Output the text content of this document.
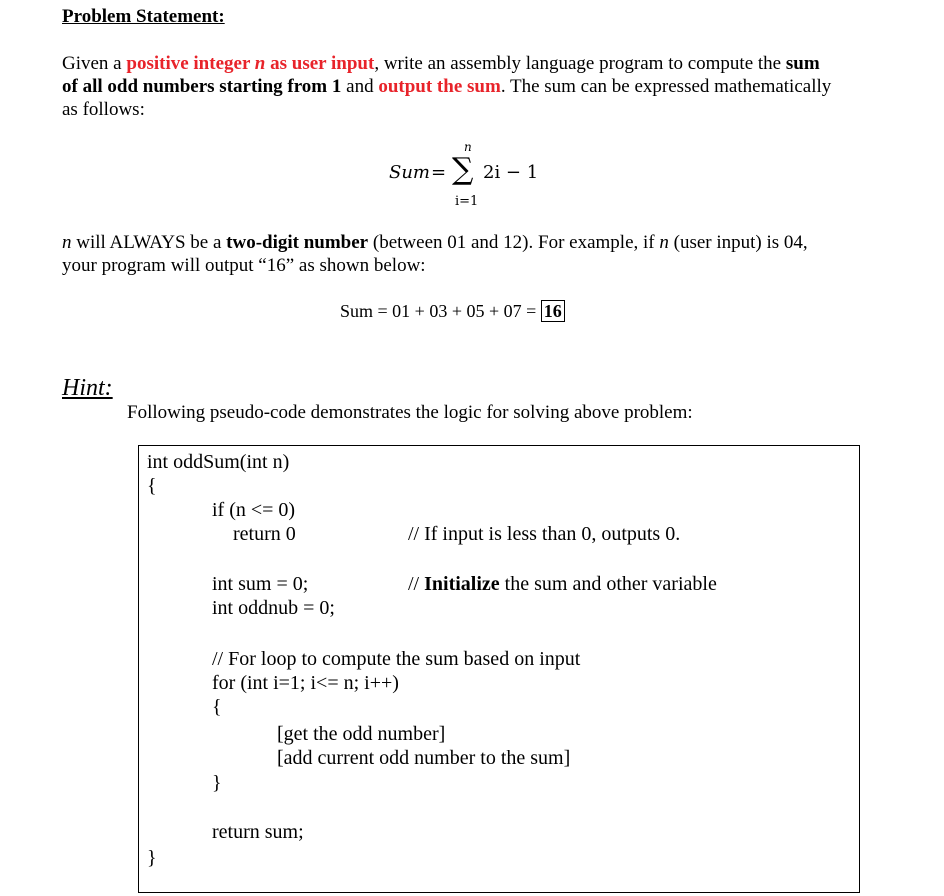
Problem Statement:
Given a positive integer n as user input, write an assembly language program to compute the sum
of all odd numbers starting from 1 and output the sum. The sum can be expressed mathematically
as follows:
Sum =
n
∑ 2i − 1
i=1
n will ALWAYS be a two-digit number (between 01 and 12). For example, if n (user input) is 04,
your program will output “16” as shown below:
Sum = 01 + 03 + 05 + 07 = 16
Hint:
Following pseudo-code demonstrates the logic for solving above problem:
int oddSum(int n)
{
if (n <= 0)
return 0	// If input is less than 0, outputs 0.
int sum = 0;	// Initialize the sum and other variable
int oddnub = 0;
// For loop to compute the sum based on input
for (int i=1; i<= n; i++)
{
[get the odd number]
[add current odd number to the sum]
}
return sum;
}
